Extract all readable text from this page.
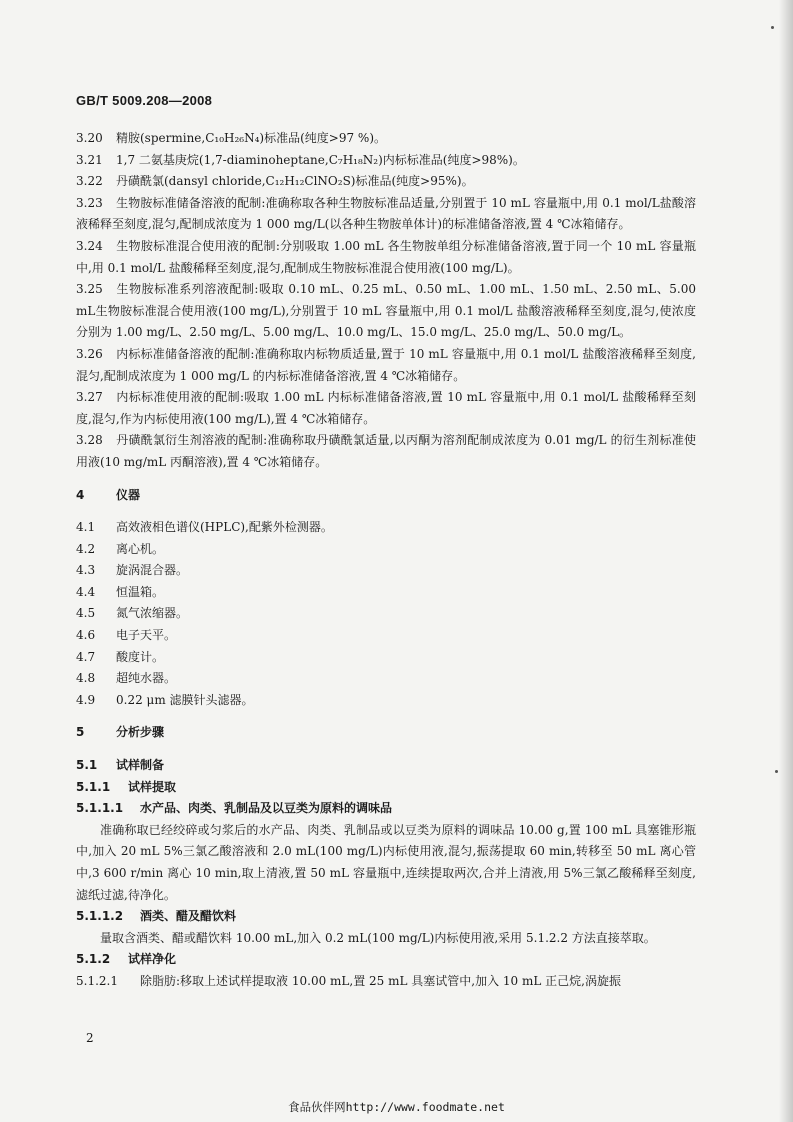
GB/T 5009.208—2008

3.20 精胺(spermine,C₁₀H₂₆N₄)标准品(纯度>97 %)。

3.21 1,7 二氨基庚烷(1,7-diaminoheptane,C₇H₁₈N₂)内标标准品(纯度>98%)。

3.22 丹磺酰氯(dansyl chloride,C₁₂H₁₂ClNO₂S)标准品(纯度>95%)。

3.23 生物胺标准储备溶液的配制:准确称取各种生物胺标准品适量,分别置于 10 mL 容量瓶中,用 0.1 mol/L盐酸溶液稀释至刻度,混匀,配制成浓度为 1 000 mg/L(以各种生物胺单体计)的标准储备溶液,置 4 ℃冰箱储存。

3.24 生物胺标准混合使用液的配制:分别吸取 1.00 mL 各生物胺单组分标准储备溶液,置于同一个 10 mL 容量瓶中,用 0.1 mol/L 盐酸稀释至刻度,混匀,配制成生物胺标准混合使用液(100 mg/L)。

3.25 生物胺标准系列溶液配制:吸取 0.10 mL、0.25 mL、0.50 mL、1.00 mL、1.50 mL、2.50 mL、5.00 mL生物胺标准混合使用液(100 mg/L),分别置于 10 mL 容量瓶中,用 0.1 mol/L 盐酸溶液稀释至刻度,混匀,使浓度分别为 1.00 mg/L、2.50 mg/L、5.00 mg/L、10.0 mg/L、15.0 mg/L、25.0 mg/L、50.0 mg/L。

3.26 内标标准储备溶液的配制:准确称取内标物质适量,置于 10 mL 容量瓶中,用 0.1 mol/L 盐酸溶液稀释至刻度,混匀,配制成浓度为 1 000 mg/L 的内标标准储备溶液,置 4 ℃冰箱储存。

3.27 内标标准使用液的配制:吸取 1.00 mL 内标标准储备溶液,置 10 mL 容量瓶中,用 0.1 mol/L 盐酸稀释至刻度,混匀,作为内标使用液(100 mg/L),置 4 ℃冰箱储存。

3.28 丹磺酰氯衍生剂溶液的配制:准确称取丹磺酰氯适量,以丙酮为溶剂配制成浓度为 0.01 mg/L 的衍生剂标准使用液(10 mg/mL 丙酮溶液),置 4 ℃冰箱储存。

4	仪器

4.1 高效液相色谱仪(HPLC),配紫外检测器。

4.2 离心机。

4.3 旋涡混合器。

4.4 恒温箱。

4.5 氮气浓缩器。

4.6 电子天平。

4.7 酸度计。

4.8 超纯水器。

4.9 0.22 μm 滤膜针头滤器。

5	分析步骤

5.1 试样制备

5.1.1 试样提取

5.1.1.1 水产品、肉类、乳制品及以豆类为原料的调味品

准确称取已经绞碎或匀浆后的水产品、肉类、乳制品或以豆类为原料的调味品 10.00 g,置 100 mL 具塞锥形瓶中,加入 20 mL 5%三氯乙酸溶液和 2.0 mL(100 mg/L)内标使用液,混匀,振荡提取 60 min,转移至 50 mL 离心管中,3 600 r/min 离心 10 min,取上清液,置 50 mL 容量瓶中,连续提取两次,合并上清液,用 5%三氯乙酸稀释至刻度,滤纸过滤,待净化。

5.1.1.2 酒类、醋及醋饮料

量取含酒类、醋或醋饮料 10.00 mL,加入 0.2 mL(100 mg/L)内标使用液,采用 5.1.2.2 方法直接萃取。

5.1.2 试样净化

5.1.2.1 除脂肪:移取上述试样提取液 10.00 mL,置 25 mL 具塞试管中,加入 10 mL 正己烷,涡旋振

2
食品伙伴网http://www.foodmate.net
